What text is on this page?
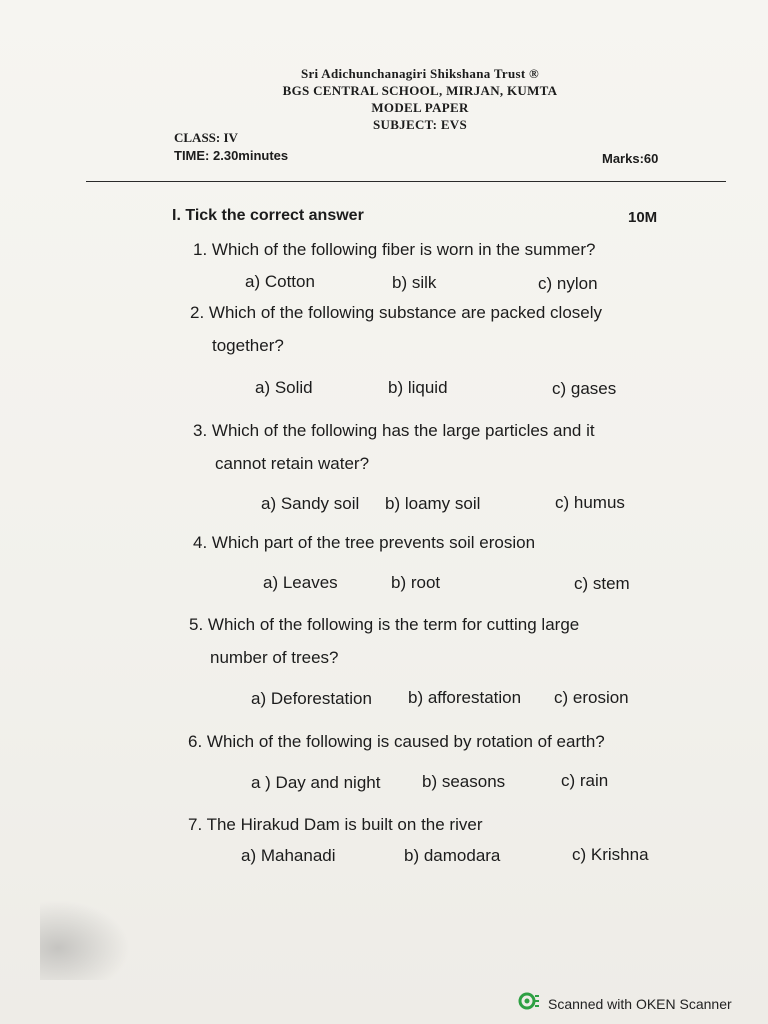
Sri Adichunchanagiri Shikshana Trust ®
BGS CENTRAL SCHOOL, MIRJAN, KUMTA
MODEL PAPER
SUBJECT: EVS
CLASS: IV
TIME: 2.30minutes	Marks:60
I. Tick the correct answer	10M
1. Which of the following fiber is worn in the summer?
a) Cotton	b) silk	c) nylon
2. Which of the following substance are packed closely
together?
a) Solid	b) liquid	c) gases
3. Which of the following has the large particles and it
cannot retain water?
a) Sandy soil b) loamy soil	c) humus
4. Which part of the tree prevents soil erosion
a) Leaves	b) root	c) stem
5. Which of the following is the term for cutting large
number of trees?
a) Deforestation b) afforestation c) erosion
6. Which of the following is caused by rotation of earth?
a ) Day and night b) seasons	c) rain
7. The Hirakud Dam is built on the river
a) Mahanadi	b) damodara	c) Krishna
Scanned with OKEN Scanner
